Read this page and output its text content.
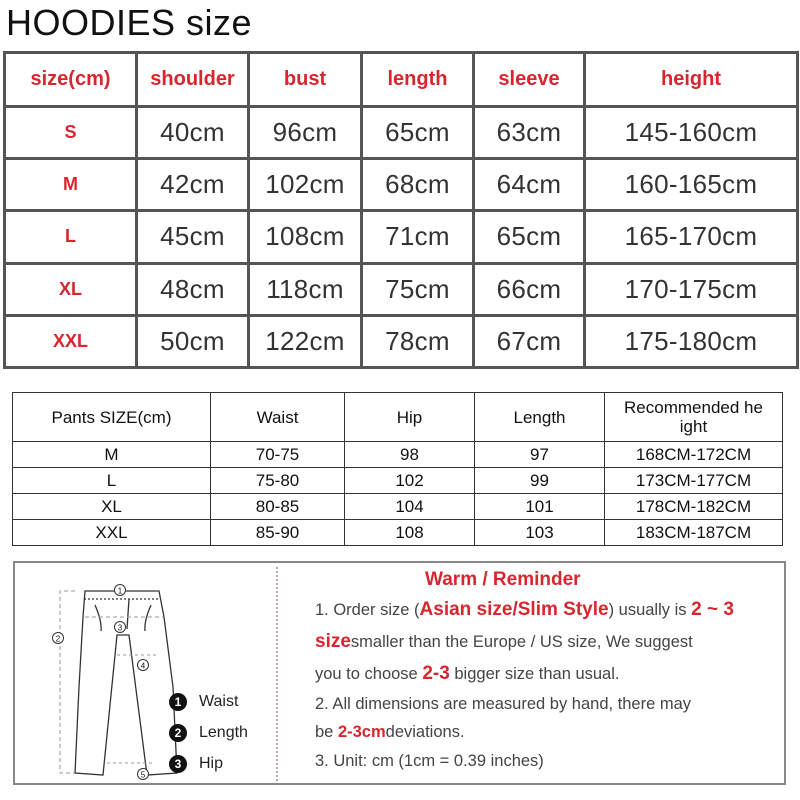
HOODIES size
size(cm)	shoulder	bust	length	sleeve	height
S	40cm	96cm	65cm	63cm	145-160cm
M	42cm	102cm	68cm	64cm	160-165cm
L	45cm	108cm	71cm	65cm	165-170cm
XL	48cm	118cm	75cm	66cm	170-175cm
XXL	50cm	122cm	78cm	67cm	175-180cm
Pants SIZE(cm)	Waist	Hip	Length	Recommended he
ight
M	70-75	98	97	168CM-172CM
L	75-80	102	99	173CM-177CM
XL	80-85	104	101	178CM-182CM
XXL	85-90	108	103	183CM-187CM
1
2
3
4
5
1	Waist
2	Length
3	Hip
Warm / Reminder
1. Order size (Asian size/Slim Style) usually is 2 ~ 3
sizesmaller than the Europe / US size, We suggest
you to choose 2-3 bigger size than usual.
2. All dimensions are measured by hand, there may
be 2-3cmdeviations.
3. Unit: cm (1cm = 0.39 inches)
